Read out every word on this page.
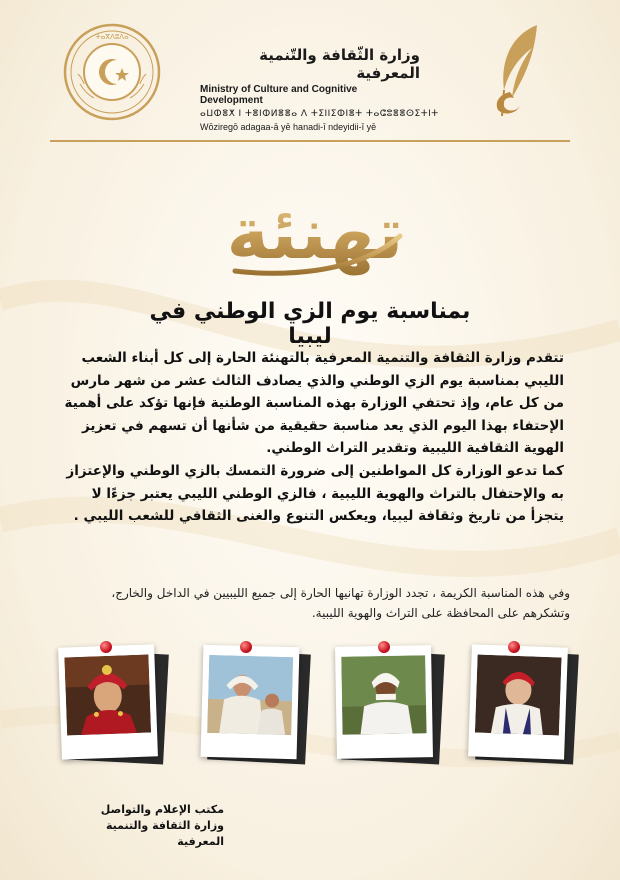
ⵜⴰⴳⴷⵓⴷⴰ
وزارة الثّقافة والتّنمية المعرفية
Ministry of Culture and Cognitive Development
ⴰⵡⵀⴻⵅ ⵏ ⵜⴻⵏⵀⵍⴻⴻⴰ ⴷ ⵜⵉⵏⵏⵉⵀⵏⴻⵜ ⵜⴰⵛⵓⴻⴻⵙⵉⵜⵏⵜ
Wōziregō adagaa-ā yē hanadi-ī ndeyidii-ī yē
تهنئة
بمناسبة يوم الزي الوطني في ليبيا

تتقدم وزارة الثقافة والتنمية المعرفية بالتهنئة الحارة إلى كل أبناء الشعب الليبي بمناسبة يوم الزي الوطني والذي يصادف الثالث عشر من شهر مارس من كل عام، وإذ تحتفي الوزارة بهذه المناسبة الوطنية فإنها تؤكد على أهمية الإحتفاء بهذا اليوم الذي يعد مناسبة حقيقية من شأنها أن تسهم في تعزيز الهوية الثقافية الليبية وتقدير التراث الوطني.

كما تدعو الوزارة كل المواطنين إلى ضرورة التمسك بالزي الوطني والإعتزاز به والإحتفال بالتراث والهوية الليبية ، فالزي الوطني الليبي يعتبر جزءًا لا يتجزأ من تاريخ وثقافة ليبيا، ويعكس التنوع والغنى الثقافي للشعب الليبي .

وفي هذه المناسبة الكريمة ، تجدد الوزارة تهانيها الحارة إلى جميع الليبيين في الداخل والخارج،

وتشكرهم على المحافظة على التراث والهوية الليبية.

مكتب الإعلام والتواصل
وزارة الثقافة والتنمية المعرفية
